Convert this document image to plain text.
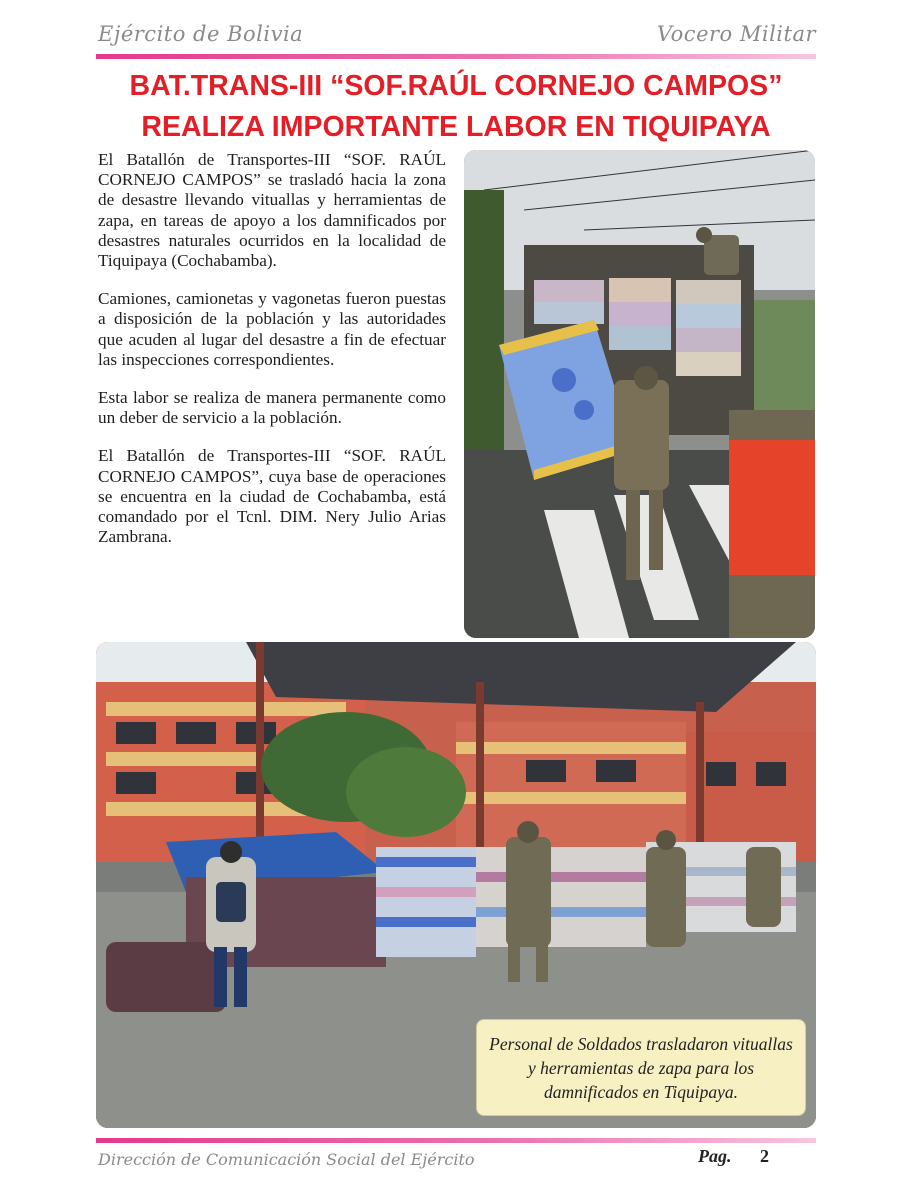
Ejército de Bolivia	Vocero Militar
BAT.TRANS-III “SOF.RAÚL CORNEJO CAMPOS”
REALIZA IMPORTANTE LABOR EN TIQUIPAYA

El Batallón de Transportes-III “SOF. RAÚL CORNEJO CAMPOS” se trasladó hacia la zona de desastre llevando vituallas y herramientas de zapa, en tareas de apoyo a los damnificados por desastres naturales ocurridos en la localidad de Tiquipaya (Cochabamba).

Camiones, camionetas y vagonetas fueron puestas a disposición de la población y las autoridades que acuden al lugar del desastre a fin de efectuar las inspecciones correspondientes.

Esta labor se realiza de manera permanente como un deber de servicio a la población.

El Batallón de Transportes-III “SOF. RAÚL CORNEJO CAMPOS”, cuya base de operaciones se encuentra en la ciudad de Cochabamba, está comandado por el Tcnl. DIM. Nery Julio Arias Zambrana.

Personal de Soldados trasladaron vituallas y herramientas de zapa para los damnificados en Tiquipaya.
Dirección de Comunicación Social del Ejército	Pag. 2
